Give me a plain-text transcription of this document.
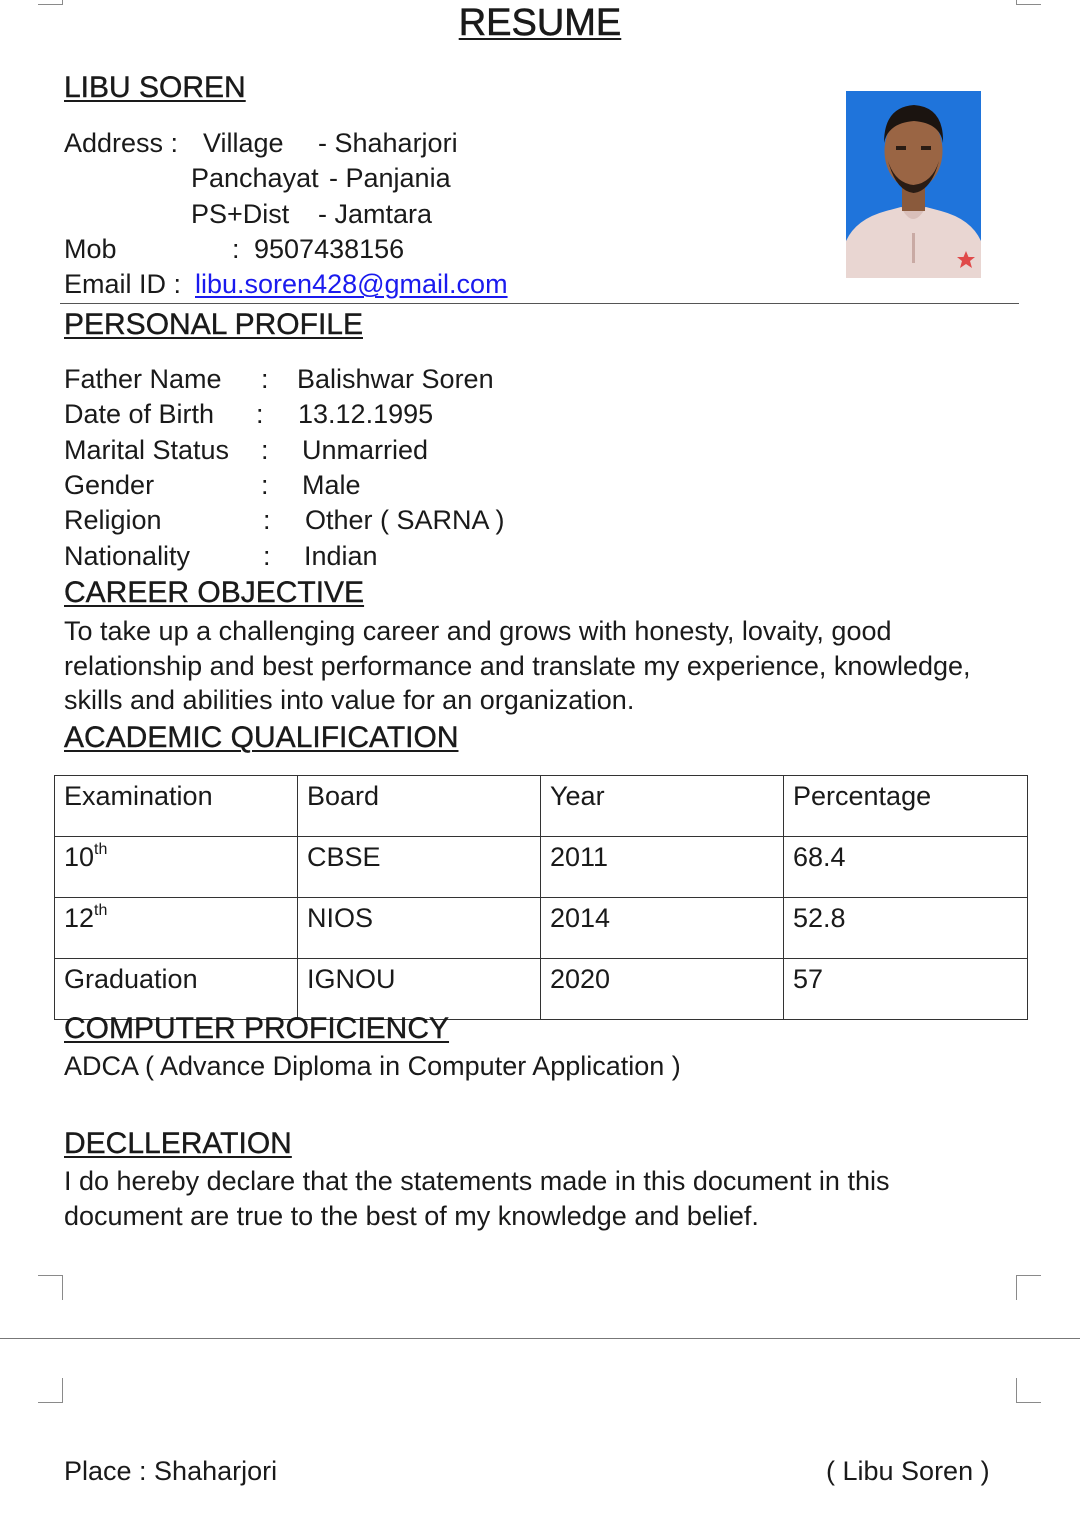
RESUME
LIBU SOREN
Address : Village - Shaharjori
Panchayat - Panjania
PS+Dist - Jamtara
Mob	: 9507438156
Email ID : libu.soren428@gmail.com
PERSONAL PROFILE
Father Name : Balishwar Soren
Date of Birth : 13.12.1995
Marital Status : Unmarried
Gender	: Male
Religion	: Other ( SARNA )
Nationality	: Indian
CAREER OBJECTIVE
To take up a challenging career and grows with honesty, lovaity, good
relationship and best performance and translate my experience, knowledge,
skills and abilities into value for an organization.
ACADEMIC QUALIFICATION
Examination	Board	Year	Percentage
10th	CBSE	2011	68.4
12th	NIOS	2014	52.8
Graduation	IGNOU	2020	57
COMPUTER PROFICIENCY
ADCA ( Advance Diploma in Computer Application )
DECLLERATION
I do hereby declare that the statements made in this document in this
document are true to the best of my knowledge and belief.
Place : Shaharjori	( Libu Soren )
